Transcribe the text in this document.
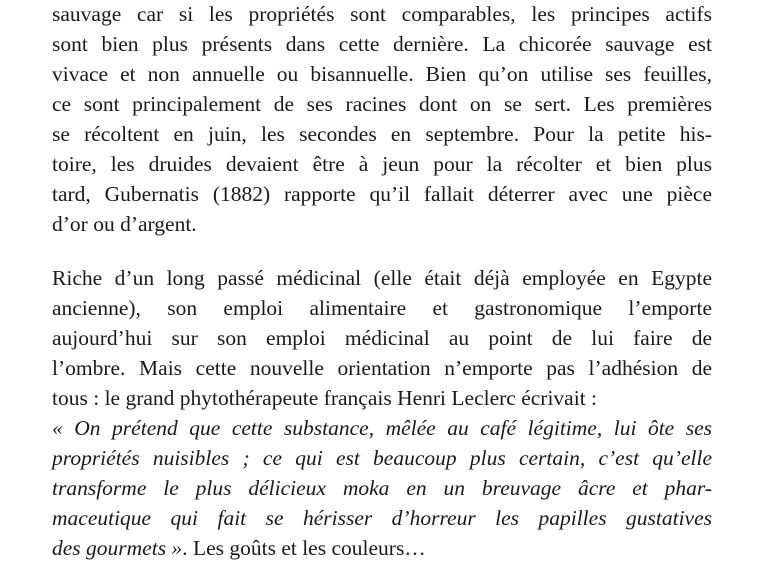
sauvage car si les propriétés sont comparables, les principes actifs
sont bien plus présents dans cette dernière. La chicorée sauvage est
vivace et non annuelle ou bisannuelle. Bien qu’on utilise ses feuilles,
ce sont principalement de ses racines dont on se sert. Les premières
se récoltent en juin, les secondes en septembre. Pour la petite his-
toire, les druides devaient être à jeun pour la récolter et bien plus
tard, Gubernatis (1882) rapporte qu’il fallait déterrer avec une pièce
d’or ou d’argent.
Riche d’un long passé médicinal (elle était déjà employée en Egypte
ancienne), son emploi alimentaire et gastronomique l’emporte
aujourd’hui sur son emploi médicinal au point de lui faire de
l’ombre. Mais cette nouvelle orientation n’emporte pas l’adhésion de
tous : le grand phytothérapeute français Henri Leclerc écrivait :
« On prétend que cette substance, mêlée au café légitime, lui ôte ses
propriétés nuisibles ; ce qui est beaucoup plus certain, c’est qu’elle
transforme le plus délicieux moka en un breuvage âcre et phar-
maceutique qui fait se hérisser d’horreur les papilles gustatives
des gourmets ». Les goûts et les couleurs…
